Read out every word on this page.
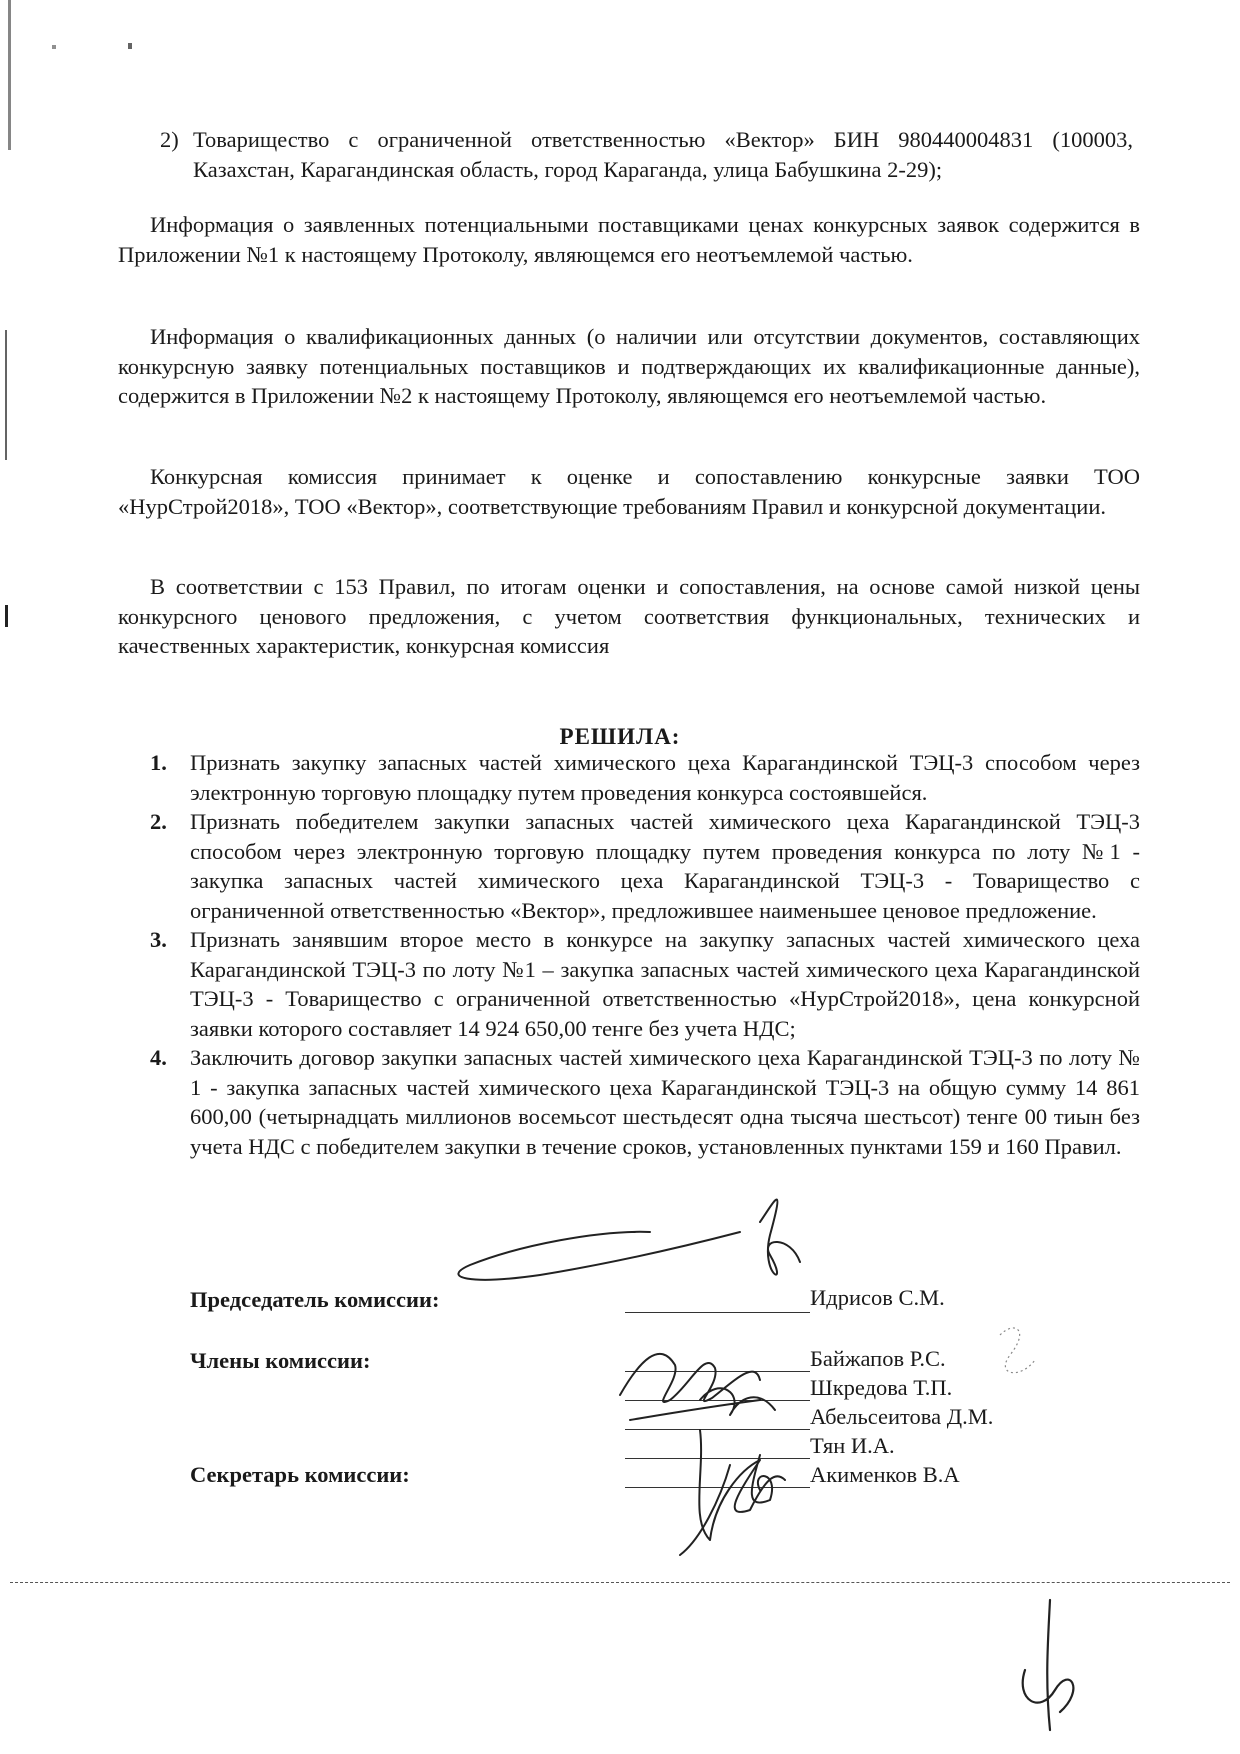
2) Товарищество с ограниченной ответственностью «Вектор» БИН 980440004831 (100003, Казахстан, Карагандинская область, город Караганда, улица Бабушкина 2-29);
Информация о заявленных потенциальными поставщиками ценах конкурсных заявок содержится в Приложении №1 к настоящему Протоколу, являющемся его неотъемлемой частью.
Информация о квалификационных данных (о наличии или отсутствии документов, составляющих конкурсную заявку потенциальных поставщиков и подтверждающих их квалификационные данные), содержится в Приложении №2 к настоящему Протоколу, являющемся его неотъемлемой частью.
Конкурсная комиссия принимает к оценке и сопоставлению конкурсные заявки ТОО «НурСтрой2018», ТОО «Вектор», соответствующие требованиям Правил и конкурсной документации.
В соответствии с 153 Правил, по итогам оценки и сопоставления, на основе самой низкой цены конкурсного ценового предложения, с учетом соответствия функциональных, технических и качественных характеристик, конкурсная комиссия
РЕШИЛА:
1. Признать закупку запасных частей химического цеха Карагандинской ТЭЦ-3 способом через электронную торговую площадку путем проведения конкурса состоявшейся.
2. Признать победителем закупки запасных частей химического цеха Карагандинской ТЭЦ-3 способом через электронную торговую площадку путем проведения конкурса по лоту №1 - закупка запасных частей химического цеха Карагандинской ТЭЦ-3 - Товарищество с ограниченной ответственностью «Вектор», предложившее наименьшее ценовое предложение.
3. Признать занявшим второе место в конкурсе на закупку запасных частей химического цеха Карагандинской ТЭЦ-3 по лоту №1 – закупка запасных частей химического цеха Карагандинской ТЭЦ-3 - Товарищество с ограниченной ответственностью «НурСтрой2018», цена конкурсной заявки которого составляет 14 924 650,00 тенге без учета НДС;
4. Заключить договор закупки запасных частей химического цеха Карагандинской ТЭЦ-3 по лоту № 1 - закупка запасных частей химического цеха Карагандинской ТЭЦ-3 на общую сумму 14 861 600,00 (четырнадцать миллионов восемьсот шестьдесят одна тысяча шестьсот) тенге 00 тиын без учета НДС с победителем закупки в течение сроков, установленных пунктами 159 и 160 Правил.
Председатель комиссии:	Идрисов С.М.
Члены комиссии:	Байжапов Р.С.
Шкредова Т.П.
Абельсеитова Д.М.
Тян И.А.
Секретарь комиссии:	Акименков В.А
